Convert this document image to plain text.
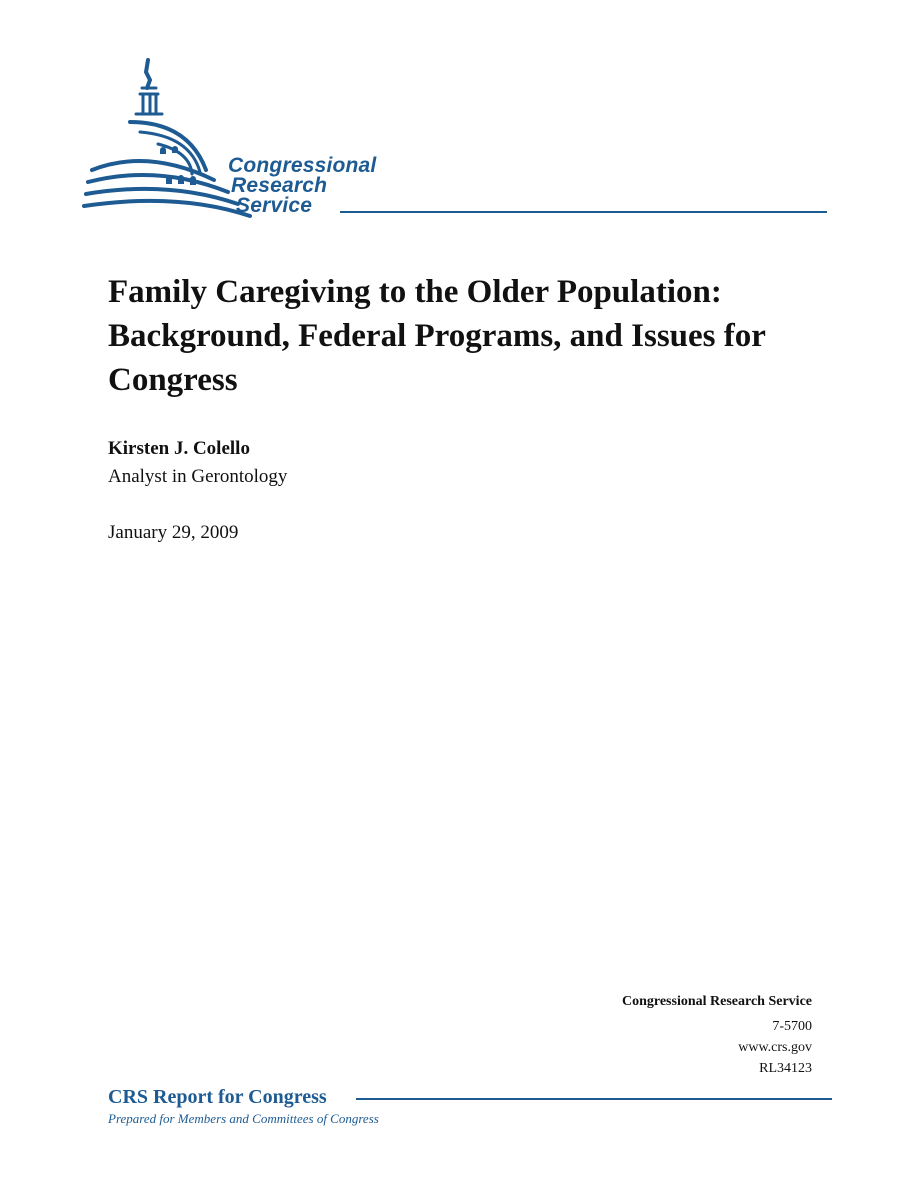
Congressional
Research
Service
Family Caregiving to the Older Population: Background, Federal Programs, and Issues for Congress
Kirsten J. Colello
Analyst in Gerontology
January 29, 2009
Congressional Research Service
7-5700
www.crs.gov
RL34123
CRS Report for Congress
Prepared for Members and Committees of Congress
